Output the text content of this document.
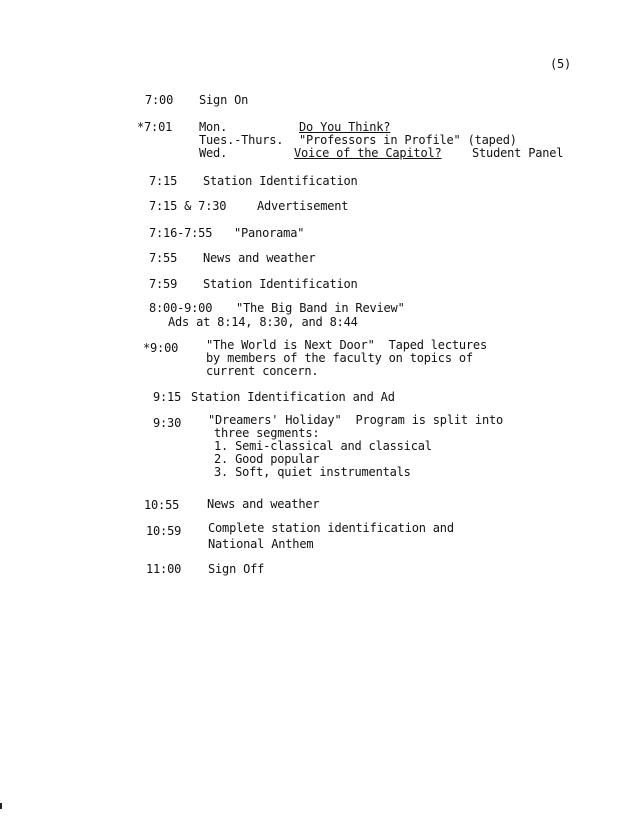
(5)
7:00 Sign On
*7:01 Mon.	Do You Think?
Tues.-Thurs. "Professors in Profile" (taped)
Wed.	Voice of the Capitol?	Student Panel
7:15 Station Identification
7:15 & 7:30	Advertisement
7:16-7:55 "Panorama"
7:55 News and weather
7:59 Station Identification
8:00-9:00 "The Big Band in Review"
Ads at 8:14, 8:30, and 8:44
*9:00 "The World is Next Door"  Taped lectures
by members of the faculty on topics of
current concern.
9:15 Station Identification and Ad
9:30 "Dreamers' Holiday"  Program is split into
three segments:
1. Semi-classical and classical
2. Good popular
3. Soft, quiet instrumentals
10:55 News and weather
10:59 Complete station identification and
National Anthem
11:00 Sign Off
